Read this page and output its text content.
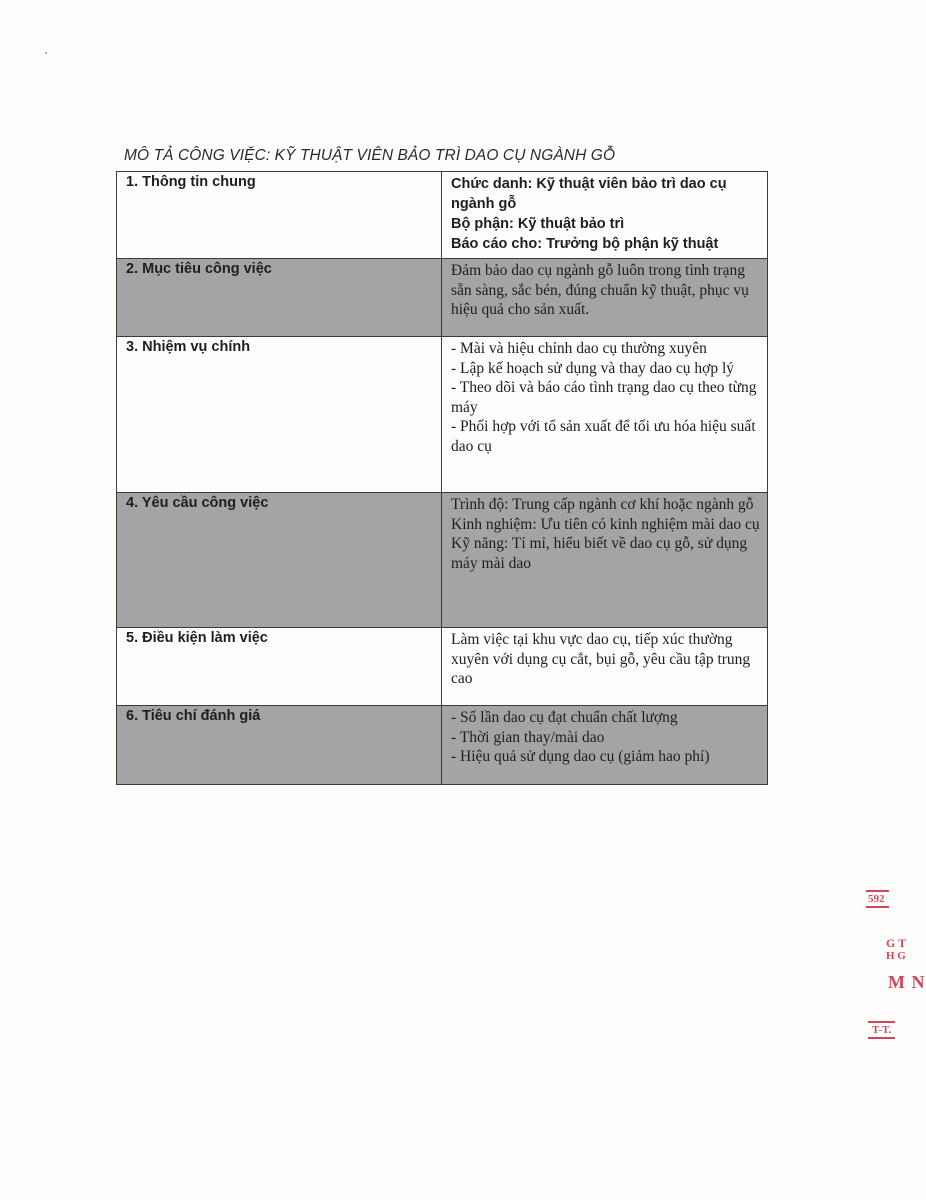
MÔ TẢ CÔNG VIỆC: KỸ THUẬT VIÊN BẢO TRÌ DAO CỤ NGÀNH GỖ
1. Thông tin chung	Chức danh: Kỹ thuật viên bảo trì dao cụ ngành gỗ
Bộ phận: Kỹ thuật bảo trì
Báo cáo cho: Trưởng bộ phận kỹ thuật

2. Mục tiêu công việc	Đảm bảo dao cụ ngành gỗ luôn trong tình trạng sẵn sàng, sắc bén, đúng chuẩn kỹ thuật, phục vụ hiệu quả cho sản xuất.

3. Nhiệm vụ chính	- Mài và hiệu chỉnh dao cụ thường xuyên
- Lập kế hoạch sử dụng và thay dao cụ hợp lý
- Theo dõi và báo cáo tình trạng dao cụ theo từng máy
- Phối hợp với tổ sản xuất để tối ưu hóa hiệu suất dao cụ

4. Yêu cầu công việc	Trình độ: Trung cấp ngành cơ khí hoặc ngành gỗ
Kinh nghiệm: Ưu tiên có kinh nghiệm mài dao cụ
Kỹ năng: Tỉ mỉ, hiểu biết về dao cụ gỗ, sử dụng máy mài dao

5. Điều kiện làm việc	Làm việc tại khu vực dao cụ, tiếp xúc thường xuyên với dụng cụ cắt, bụi gỗ, yêu cầu tập trung cao

6. Tiêu chí đánh giá	- Số lần dao cụ đạt chuẩn chất lượng
- Thời gian thay/mài dao
- Hiệu quả sử dụng dao cụ (giảm hao phí)
592
G T
H G
M N
T-T.
